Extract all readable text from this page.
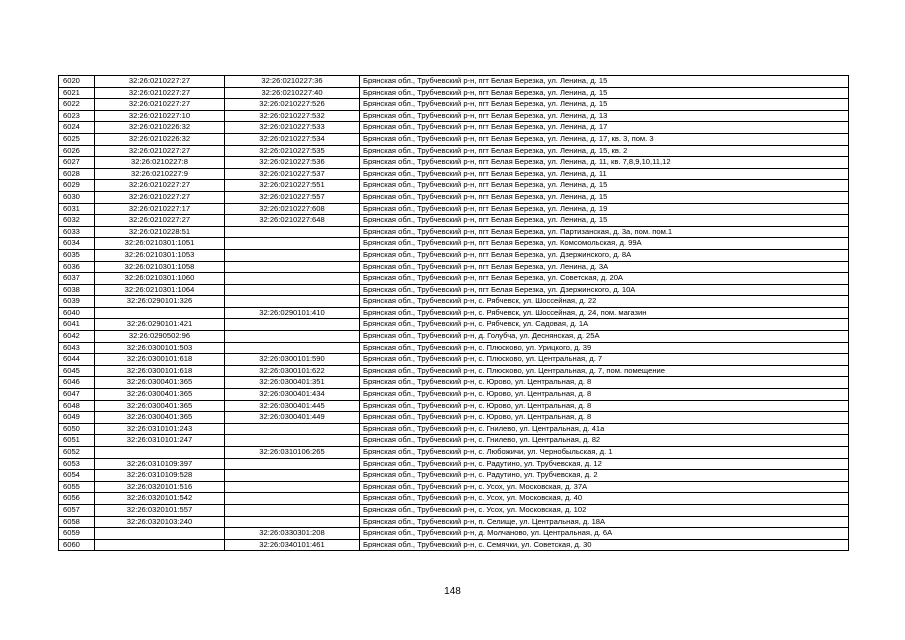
6020	32:26:0210227:27	32:26:0210227:36	Брянская обл., Трубчевский р-н, пгт Белая Березка, ул. Ленина, д. 15
6021	32:26:0210227:27	32:26:0210227:40	Брянская обл., Трубчевский р-н, пгт Белая Березка, ул. Ленина, д. 15
6022	32:26:0210227:27	32:26:0210227:526	Брянская обл., Трубчевский р-н, пгт Белая Березка, ул. Ленина, д. 15
6023	32:26:0210227:10	32:26:0210227:532	Брянская обл., Трубчевский р-н, пгт Белая Березка, ул. Ленина, д. 13
6024	32:26:0210226:32	32:26:0210227:533	Брянская обл., Трубчевский р-н, пгт Белая Березка, ул. Ленина, д. 17
6025	32:26:0210226:32	32:26:0210227:534	Брянская обл., Трубчевский р-н, пгт Белая Березка, ул. Ленина, д. 17, кв. 3, пом. 3
6026	32:26:0210227:27	32:26:0210227:535	Брянская обл., Трубчевский р-н, пгт Белая Березка, ул. Ленина, д. 15, кв. 2
6027	32:26:0210227:8	32:26:0210227:536	Брянская обл., Трубчевский р-н, пгт Белая Березка, ул. Ленина, д. 11, кв. 7,8,9,10,11,12
6028	32:26:0210227:9	32:26:0210227:537	Брянская обл., Трубчевский р-н, пгт Белая Березка, ул. Ленина, д. 11
6029	32:26:0210227:27	32:26:0210227:551	Брянская обл., Трубчевский р-н, пгт Белая Березка, ул. Ленина, д. 15
6030	32:26:0210227:27	32:26:0210227:557	Брянская обл., Трубчевский р-н, пгт Белая Березка, ул. Ленина, д. 15
6031	32:26:0210227:17	32:26:0210227:608	Брянская обл., Трубчевский р-н, пгт Белая Березка, ул. Ленина, д. 19
6032	32:26:0210227:27	32:26:0210227:648	Брянская обл., Трубчевский р-н, пгт Белая Березка, ул. Ленина, д. 15
6033	32:26:0210228:51		Брянская обл., Трубчевский р-н, пгт Белая Березка, ул. Партизанская, д. 3а, пом. пом.1
6034	32:26:0210301:1051		Брянская обл., Трубчевский р-н, пгт Белая Березка, ул. Комсомольская, д. 99А
6035	32:26:0210301:1053		Брянская обл., Трубчевский р-н, пгт Белая Березка, ул. Дзержинского, д. 8А
6036	32:26:0210301:1058		Брянская обл., Трубчевский р-н, пгт Белая Березка, ул. Ленина, д. 3А
6037	32:26:0210301:1060		Брянская обл., Трубчевский р-н, пгт Белая Березка, ул. Советская, д. 20А
6038	32:26:0210301:1064		Брянская обл., Трубчевский р-н, пгт Белая Березка, ул. Дзержинского, д. 10А
6039	32:26:0290101:326		Брянская обл., Трубчевский р-н, с. Рябчевск, ул. Шоссейная, д. 22
6040		32:26:0290101:410	Брянская обл., Трубчевский р-н, с. Рябчевск, ул. Шоссейная, д. 24, пом. магазин
6041	32:26:0290101:421		Брянская обл., Трубчевский р-н, с. Рябчевск, ул. Садовая, д. 1А
6042	32:26:0290502:96		Брянская обл., Трубчевский р-н, д. Голубча, ул. Деснянская, д. 25А
6043	32:26:0300101:503		Брянская обл., Трубчевский р-н, с. Плюсково, ул. Урицкого, д. 39
6044	32:26:0300101:618	32:26:0300101:590	Брянская обл., Трубчевский р-н, с. Плюсково, ул. Центральная, д. 7
6045	32:26:0300101:618	32:26:0300101:622	Брянская обл., Трубчевский р-н, с. Плюсково, ул. Центральная, д. 7, пом. помещение
6046	32:26:0300401:365	32:26:0300401:351	Брянская обл., Трубчевский р-н, с. Юрово, ул. Центральная, д. 8
6047	32:26:0300401:365	32:26:0300401:434	Брянская обл., Трубчевский р-н, с. Юрово, ул. Центральная, д. 8
6048	32:26:0300401:365	32:26:0300401:445	Брянская обл., Трубчевский р-н, с. Юрово, ул. Центральная, д. 8
6049	32:26:0300401:365	32:26:0300401:449	Брянская обл., Трубчевский р-н, с. Юрово, ул. Центральная, д. 8
6050	32:26:0310101:243		Брянская обл., Трубчевский р-н, с. Гнилево, ул. Центральная, д. 41а
6051	32:26:0310101:247		Брянская обл., Трубчевский р-н, с. Гнилево, ул. Центральная, д. 82
6052		32:26:0310106:265	Брянская обл., Трубчевский р-н, с. Любожичи, ул. Чернобыльская, д. 1
6053	32:26:0310109:397		Брянская обл., Трубчевский р-н, с. Радутино, ул. Трубчевская, д. 12
6054	32:26:0310109:528		Брянская обл., Трубчевский р-н, с. Радутино, ул. Трубчевская, д. 2
6055	32:26:0320101:516		Брянская обл., Трубчевский р-н, с. Усох, ул. Московская, д. 37А
6056	32:26:0320101:542		Брянская обл., Трубчевский р-н, с. Усох, ул. Московская, д. 40
6057	32:26:0320101:557		Брянская обл., Трубчевский р-н, с. Усох, ул. Московская, д. 102
6058	32:26:0320103:240		Брянская обл., Трубчевский р-н, п. Селище, ул. Центральная, д. 18А
6059		32:26:0330301:208	Брянская обл., Трубчевский р-н, д. Молчаново, ул. Центральная, д. 6А
6060		32:26:0340101:461	Брянская обл., Трубчевский р-н, с. Семячки, ул. Советская, д. 30
148
